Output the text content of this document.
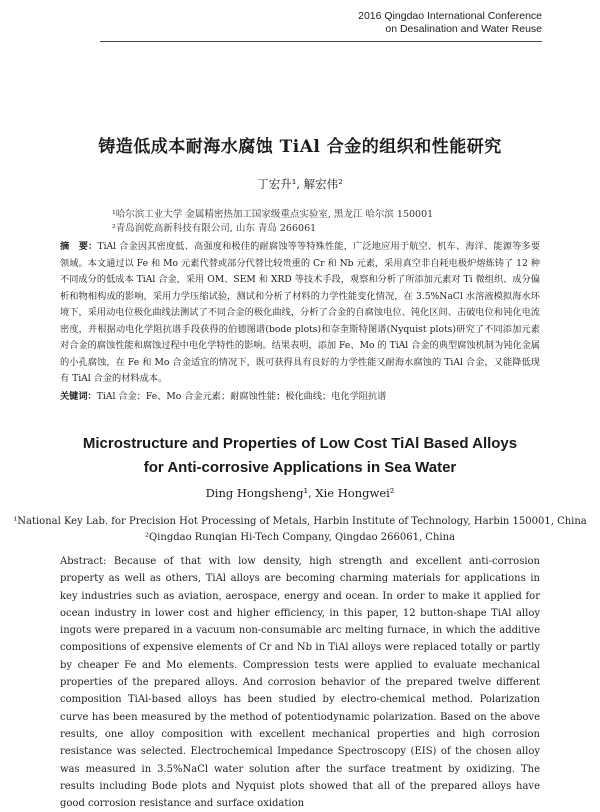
2016 Qingdao International Conference
on Desalination and Water Reuse
铸造低成本耐海水腐蚀 TiAl 合金的组织和性能研究
丁宏升¹, 解宏伟²
¹哈尔滨工业大学 金属精密热加工国家级重点实验室, 黑龙江 哈尔滨 150001
²青岛润乾高新科技有限公司, 山东 青岛 266061
摘　要：TiAl 合金因其密度低、高强度和极佳的耐腐蚀等等特殊性能，广泛地应用于航空、机车、海洋、能源等多要领域。本文通过以 Fe 和 Mo 元素代替或部分代替比较贵重的 Cr 和 Nb 元素，采用真空非自耗电极炉熔炼铸了 12 种不同成分的低成本 TiAl 合金，采用 OM、SEM 和 XRD 等技术手段，观察和分析了所添加元素对 Ti 微组织、成分偏析和物相构成的影响，采用力学压缩试验，测试和分析了材料的力学性能变化情况，在 3.5%NaCl 水溶液模拟海水环境下，采用动电位极化曲线法测试了不同合金的极化曲线，分析了合金的自腐蚀电位、钝化区间、击破电位和钝化电流密度，并根据动电化学阻抗谱手段获得的伯德图谱(bode plots)和奈奎斯特图谱(Nyquist plots)研究了不同添加元素对合金的腐蚀性能和腐蚀过程中电化学特性的影响。结果表明，添加 Fe、Mo 的 TiAl 合金的典型腐蚀机制为钝化金属的小孔腐蚀，在 Fe 和 Mo 合金适宜的情况下，既可获得具有良好的力学性能又耐海水腐蚀的 TiAl 合金，又能降低现有 TiAl 合金的材料成本。
关键词：TiAl 合金；Fe、Mo 合金元素；耐腐蚀性能；极化曲线；电化学阻抗谱
Microstructure and Properties of Low Cost TiAl Based Alloys
for Anti-corrosive Applications in Sea Water
Ding Hongsheng¹, Xie Hongwei²
¹National Key Lab. for Precision Hot Processing of Metals, Harbin Institute of Technology, Harbin 150001, China
²Qingdao Runqian Hi-Tech Company, Qingdao 266061, China
Abstract: Because of that with low density, high strength and excellent anti-corrosion property as well as others, TiAl alloys are becoming charming materials for applications in key industries such as aviation, aerospace, energy and ocean. In order to make it applied for ocean industry in lower cost and higher efficiency, in this paper, 12 button-shape TiAl alloy ingots were prepared in a vacuum non-consumable arc melting furnace, in which the additive compositions of expensive elements of Cr and Nb in TiAl alloys were replaced totally or partly by cheaper Fe and Mo elements. Compression tests were applied to evaluate mechanical properties of the prepared alloys. And corrosion behavior of the prepared twelve different composition TiAl-based alloys has been studied by electro-chemical method. Polarization curve has been measured by the method of potentiodynamic polarization. Based on the above results, one alloy composition with excellent mechanical properties and high corrosion resistance was selected. Electrochemical Impedance Spectroscopy (EIS) of the chosen alloy was measured in 3.5%NaCl water solution after the surface treatment by oxidizing. The results including Bode plots and Nyquist plots showed that all of the prepared alloys have good corrosion resistance and surface oxidation
